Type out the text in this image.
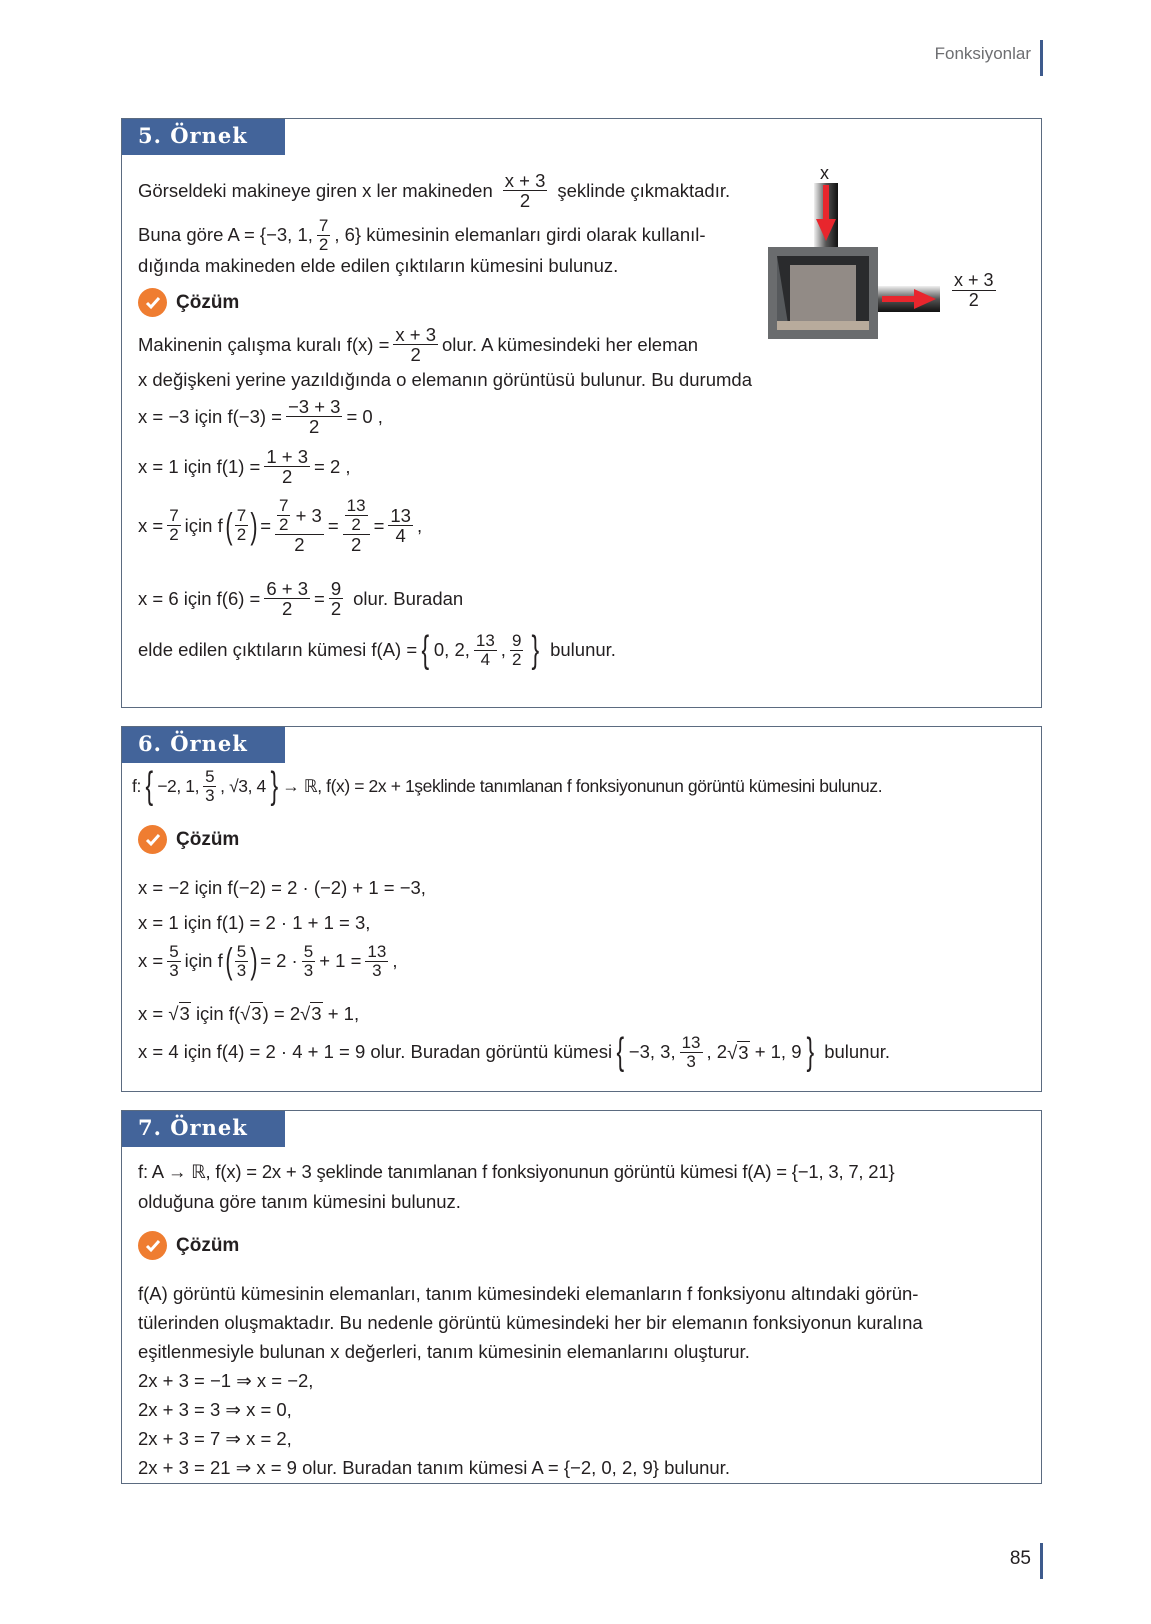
Fonksiyonlar
5. Örnek
Görseldeki makineye giren x ler makineden $\frac{x + 3}{2}$ şeklinde çıkmaktadır.
Buna göre A = {−3, 1, $\frac{7}{2}$ , 6} kümesinin elemanları girdi olarak kullanıl-
dığında makineden elde edilen çıktıların kümesini bulunuz.
x
$\frac{x + 3}{2}$
Çözüm
Makinenin çalışma kuralı $f(x) = \frac{x + 3}{2}$ olur. A kümesindeki her eleman
x değişkeni yerine yazıldığında o elemanın görüntüsü bulunur. Bu durumda
x = −3 için $f(-3) = \frac{-3 + 3}{2} = 0$ ,
x = 1 için $f(1) = \frac{1 + 3}{2} = 2$ ,
$x = \frac{7}{2}$ için f ( $\frac{7}{2}$ ) = $\frac{7}{2}$
+ 3
$2 = \frac{\frac{13}{2}}{2} = \frac{13}{4}$ ,
x = 6 için $f(6) = \frac{6 + 3}{2} = \frac{9}{2}$ olur. Buradan
elde edilen çıktıların kümesi f(A) = { 0, 2, $\frac{13}{4}$ , $\frac{9}{2}$ } bulunur.
6. Örnek
f: { −2, 1, $\frac{5}{3}$ , √3, 4 } → ℝ, f(x) = 2x + 1şeklinde tanımlanan f fonksiyonunun görüntü kümesini bulunuz.
Çözüm
x = −2 için f(−2) = 2 · (−2) + 1 = −3,
x = 1 için f(1) = 2 · 1 + 1 = 3,
$x = \frac{5}{3}$ için f ( $\frac{5}{3}$ ) = $2 \cdot \frac{5}{3} + 1 = \frac{13}{3}$ ,
x =
√ 3
için f( √ 3 ) = 2 √ 3
+ 1,
x = 4 için f(4) = 2 · 4 + 1 = 9 olur. Buradan görüntü kümesi { −3, 3, $\frac{13}{3}$ , 2 √ 3
+ 1, 9 } bulunur.
7. Örnek
f: A → ℝ, f(x) = 2x + 3 şeklinde tanımlanan f fonksiyonunun görüntü kümesi f(A) = {−1, 3, 7, 21}
olduğuna göre tanım kümesini bulunuz.
Çözüm
f(A) görüntü kümesinin elemanları, tanım kümesindeki elemanların f fonksiyonu altındaki görün-
tülerinden oluşmaktadır. Bu nedenle görüntü kümesindeki her bir elemanın fonksiyonun kuralına
eşitlenmesiyle bulunan x değerleri, tanım kümesinin elemanlarını oluşturur.
2x + 3 = −1 ⇒ x = −2,
2x + 3 = 3 ⇒ x = 0,
2x + 3 = 7 ⇒ x = 2,
2x + 3 = 21 ⇒ x = 9 olur. Buradan tanım kümesi A = {−2, 0, 2, 9} bulunur.
85
